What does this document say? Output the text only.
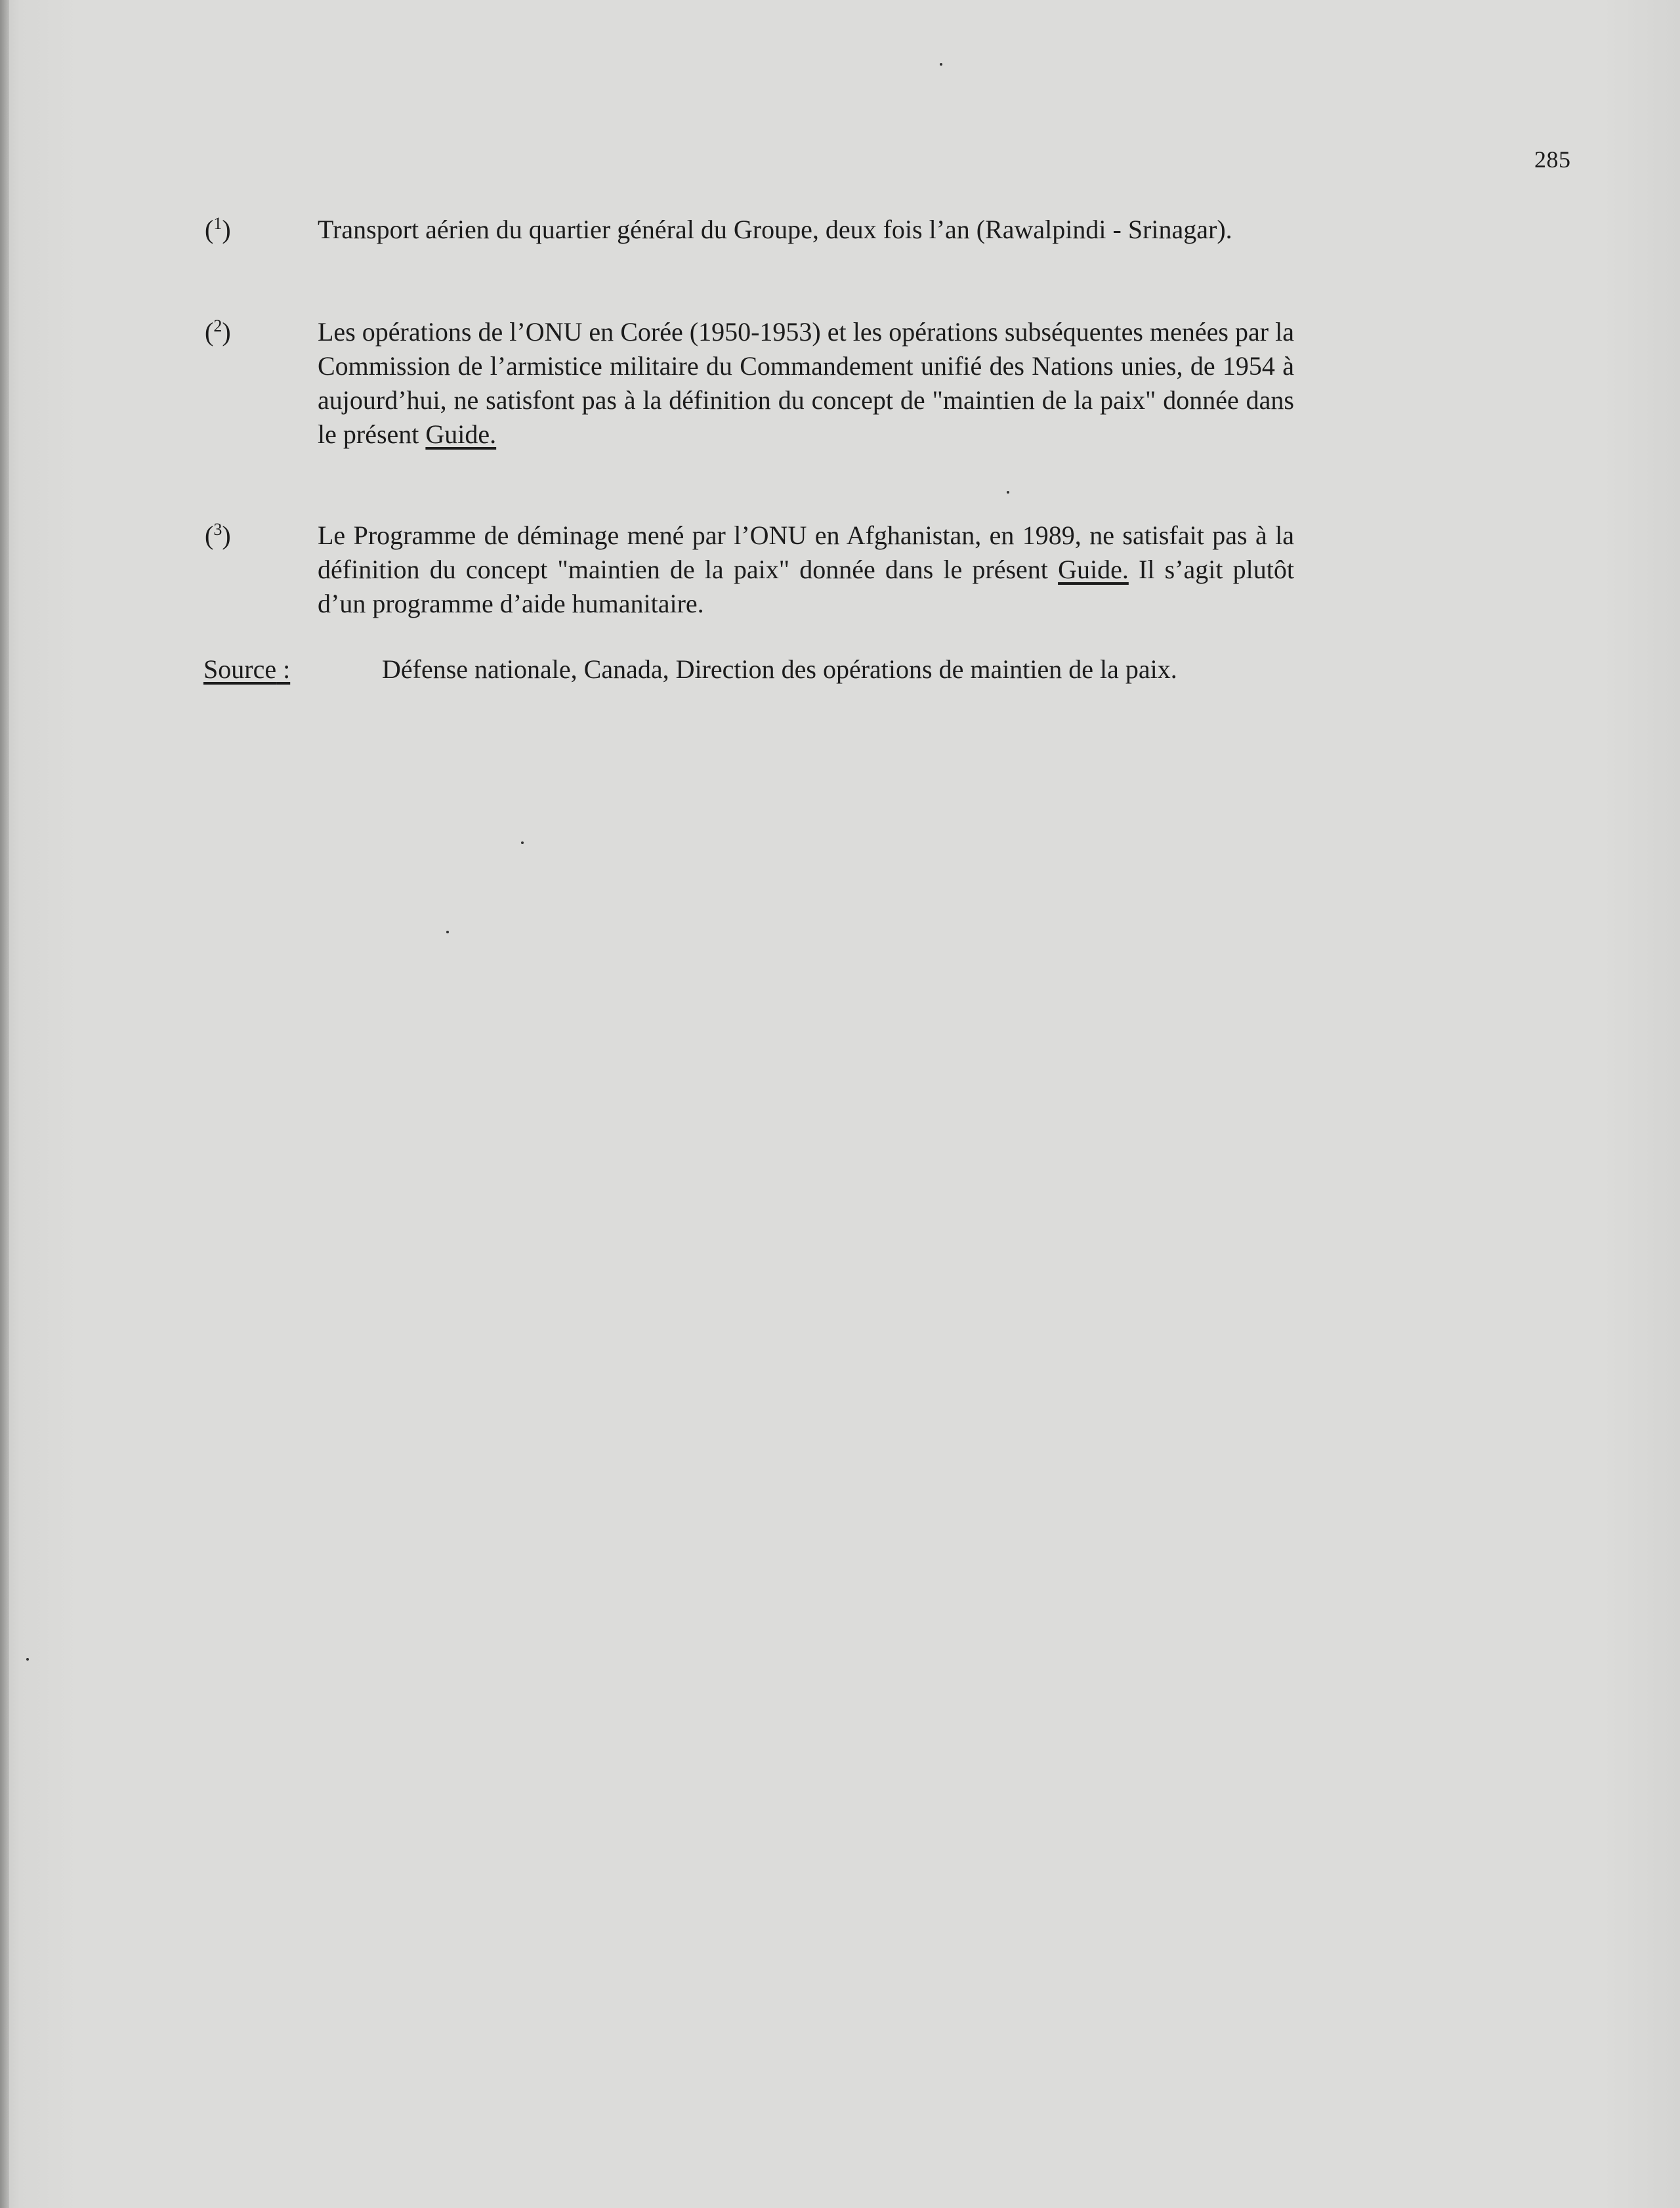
285
($^1$)	Transport aérien du quartier général du Groupe, deux fois l’an (Rawalpindi - Srinagar).
($^2$)	Les opérations de l’ONU en Corée (1950-1953) et les opérations subséquentes menées par la Commission de l’armistice militaire du Commandement unifié des Nations unies, de 1954 à aujourd’hui, ne satisfont pas à la définition du concept de "maintien de la paix" donnée dans le présent Guide.
($^3$)	Le Programme de déminage mené par l’ONU en Afghanistan, en 1989, ne satisfait pas à la définition du concept "maintien de la paix" donnée dans le présent Guide. Il s’agit plutôt d’un programme d’aide humanitaire.
Source :	Défense nationale, Canada, Direction des opérations de maintien de la paix.
